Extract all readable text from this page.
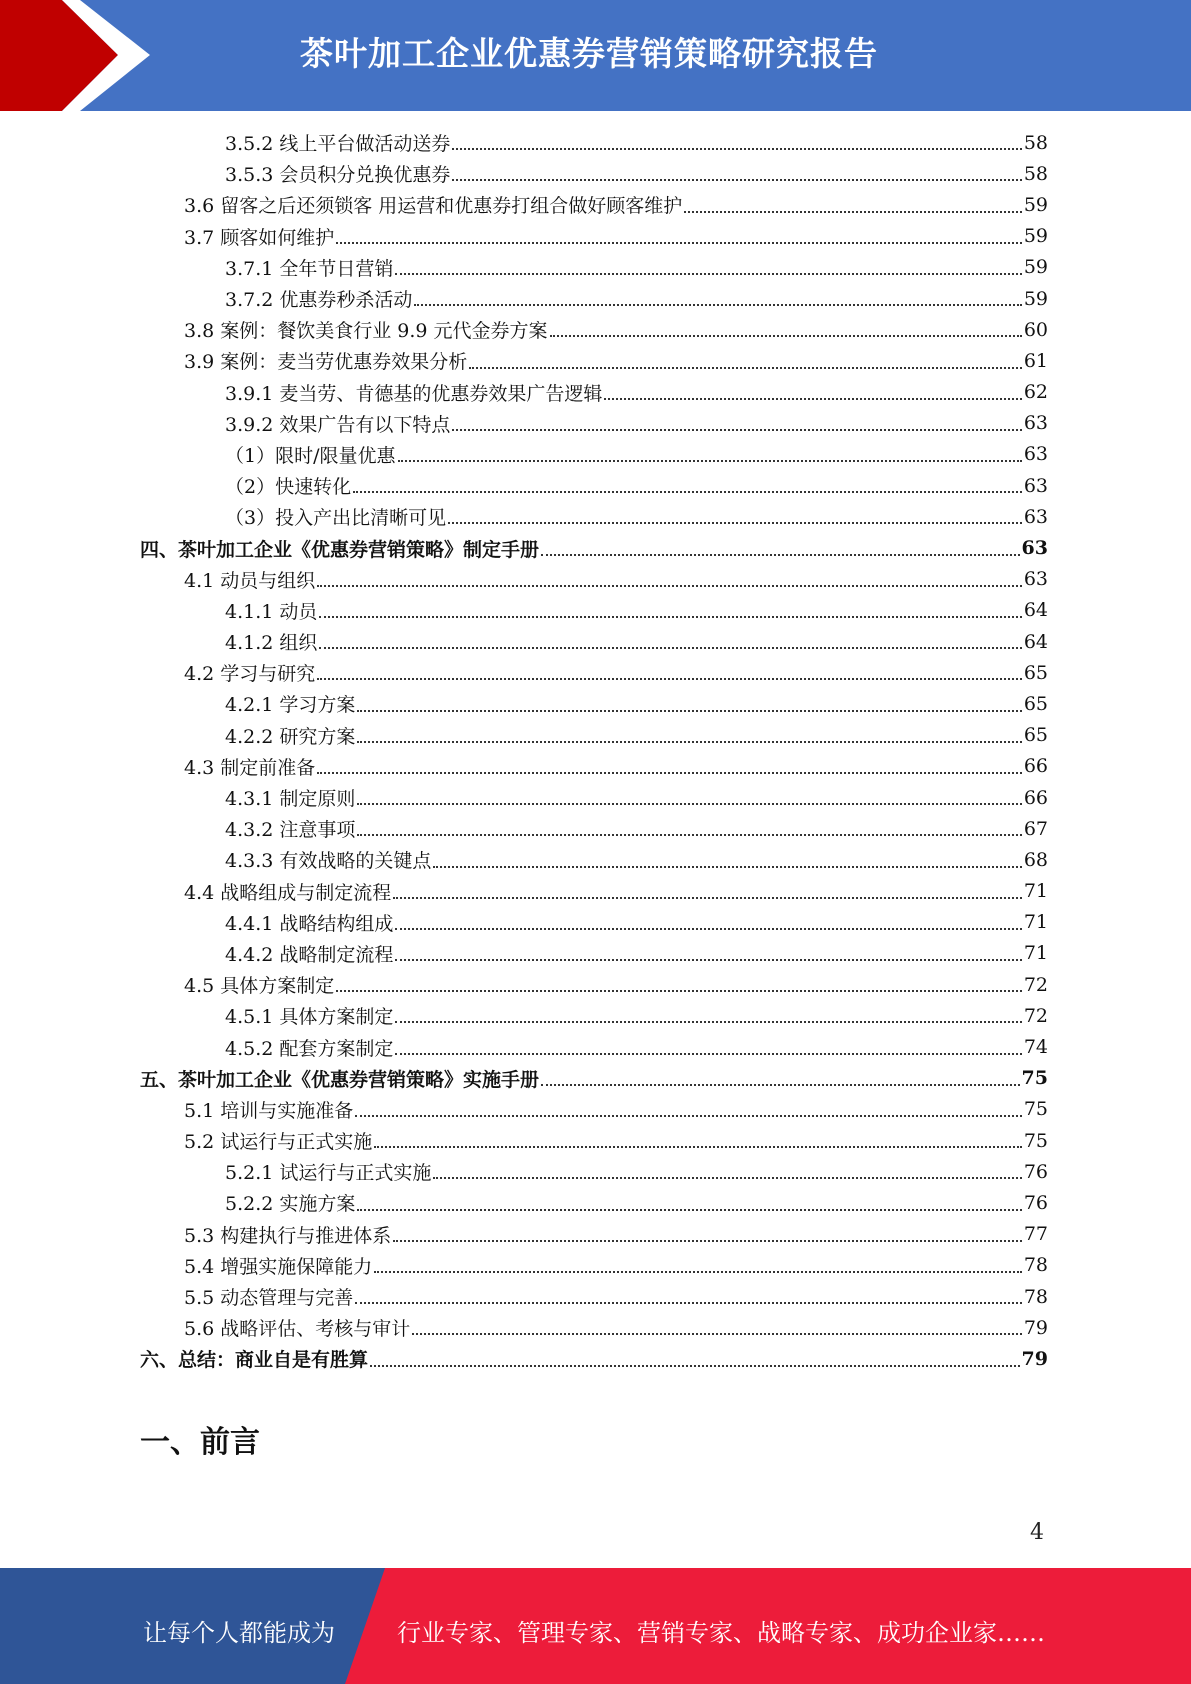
茶叶加工企业优惠券营销策略研究报告
3.5.2 线上平台做活动送券	58
3.5.3 会员积分兑换优惠券	58
3.6 留客之后还须锁客 用运营和优惠券打组合做好顾客维护	59
3.7 顾客如何维护	59
3.7.1 全年节日营销	59
3.7.2 优惠券秒杀活动	59
3.8 案例：餐饮美食行业 9.9 元代金券方案	60
3.9 案例：麦当劳优惠券效果分析	61
3.9.1 麦当劳、肯德基的优惠券效果广告逻辑	62
3.9.2 效果广告有以下特点	63
（1）限时/限量优惠	63
（2）快速转化	63
（3）投入产出比清晰可见	63
四、茶叶加工企业《优惠券营销策略》制定手册	63
4.1 动员与组织	63
4.1.1 动员	64
4.1.2 组织	64
4.2 学习与研究	65
4.2.1 学习方案	65
4.2.2 研究方案	65
4.3 制定前准备	66
4.3.1 制定原则	66
4.3.2 注意事项	67
4.3.3 有效战略的关键点	68
4.4 战略组成与制定流程	71
4.4.1 战略结构组成	71
4.4.2 战略制定流程	71
4.5 具体方案制定	72
4.5.1 具体方案制定	72
4.5.2 配套方案制定	74
五、茶叶加工企业《优惠券营销策略》实施手册	75
5.1 培训与实施准备	75
5.2 试运行与正式实施	75
5.2.1 试运行与正式实施	76
5.2.2 实施方案	76
5.3 构建执行与推进体系	77
5.4 增强实施保障能力	78
5.5 动态管理与完善	78
5.6 战略评估、考核与审计	79
六、总结：商业自是有胜算	79
一、前言
4
让每个人都能成为	行业专家、管理专家、营销专家、战略专家、成功企业家……
